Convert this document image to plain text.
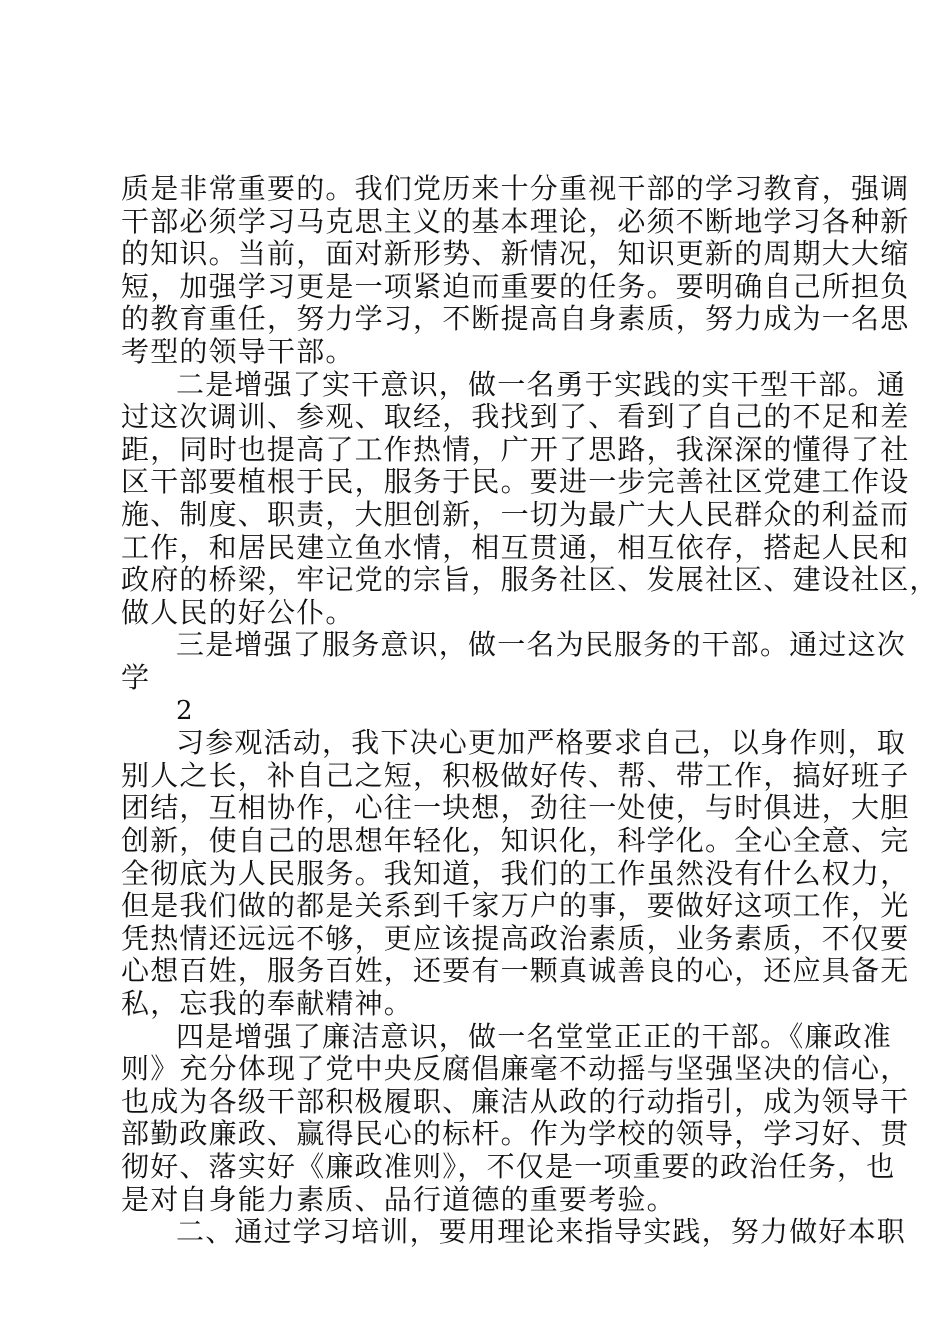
质是非常重要的。我们党历来十分重视干部的学习教育，强调
干部必须学习马克思主义的基本理论，必须不断地学习各种新
的知识。当前，面对新形势、新情况，知识更新的周期大大缩
短，加强学习更是一项紧迫而重要的任务。要明确自己所担负
的教育重任，努力学习，不断提高自身素质，努力成为一名思
考型的领导干部。
二是增强了实干意识，做一名勇于实践的实干型干部。通
过这次调训、参观、取经，我找到了、看到了自己的不足和差
距，同时也提高了工作热情，广开了思路，我深深的懂得了社
区干部要植根于民，服务于民。要进一步完善社区党建工作设
施、制度、职责，大胆创新，一切为最广大人民群众的利益而
工作，和居民建立鱼水情，相互贯通，相互依存，搭起人民和
政府的桥梁，牢记党的宗旨，服务社区、发展社区、建设社区，
做人民的好公仆。
三是增强了服务意识，做一名为民服务的干部。通过这次
学
2
习参观活动，我下决心更加严格要求自己，以身作则，取
别人之长，补自己之短，积极做好传、帮、带工作，搞好班子
团结，互相协作，心往一块想，劲往一处使，与时俱进，大胆
创新，使自己的思想年轻化，知识化，科学化。全心全意、完
全彻底为人民服务。我知道，我们的工作虽然没有什么权力，
但是我们做的都是关系到千家万户的事，要做好这项工作，光
凭热情还远远不够，更应该提高政治素质，业务素质，不仅要
心想百姓，服务百姓，还要有一颗真诚善良的心，还应具备无
私，忘我的奉献精神。
四是增强了廉洁意识，做一名堂堂正正的干部。《廉政准
则》充分体现了党中央反腐倡廉毫不动摇与坚强坚决的信心，
也成为各级干部积极履职、廉洁从政的行动指引，成为领导干
部勤政廉政、赢得民心的标杆。作为学校的领导，学习好、贯
彻好、落实好《廉政准则》，不仅是一项重要的政治任务，也
是对自身能力素质、品行道德的重要考验。
二、通过学习培训，要用理论来指导实践，努力做好本职
